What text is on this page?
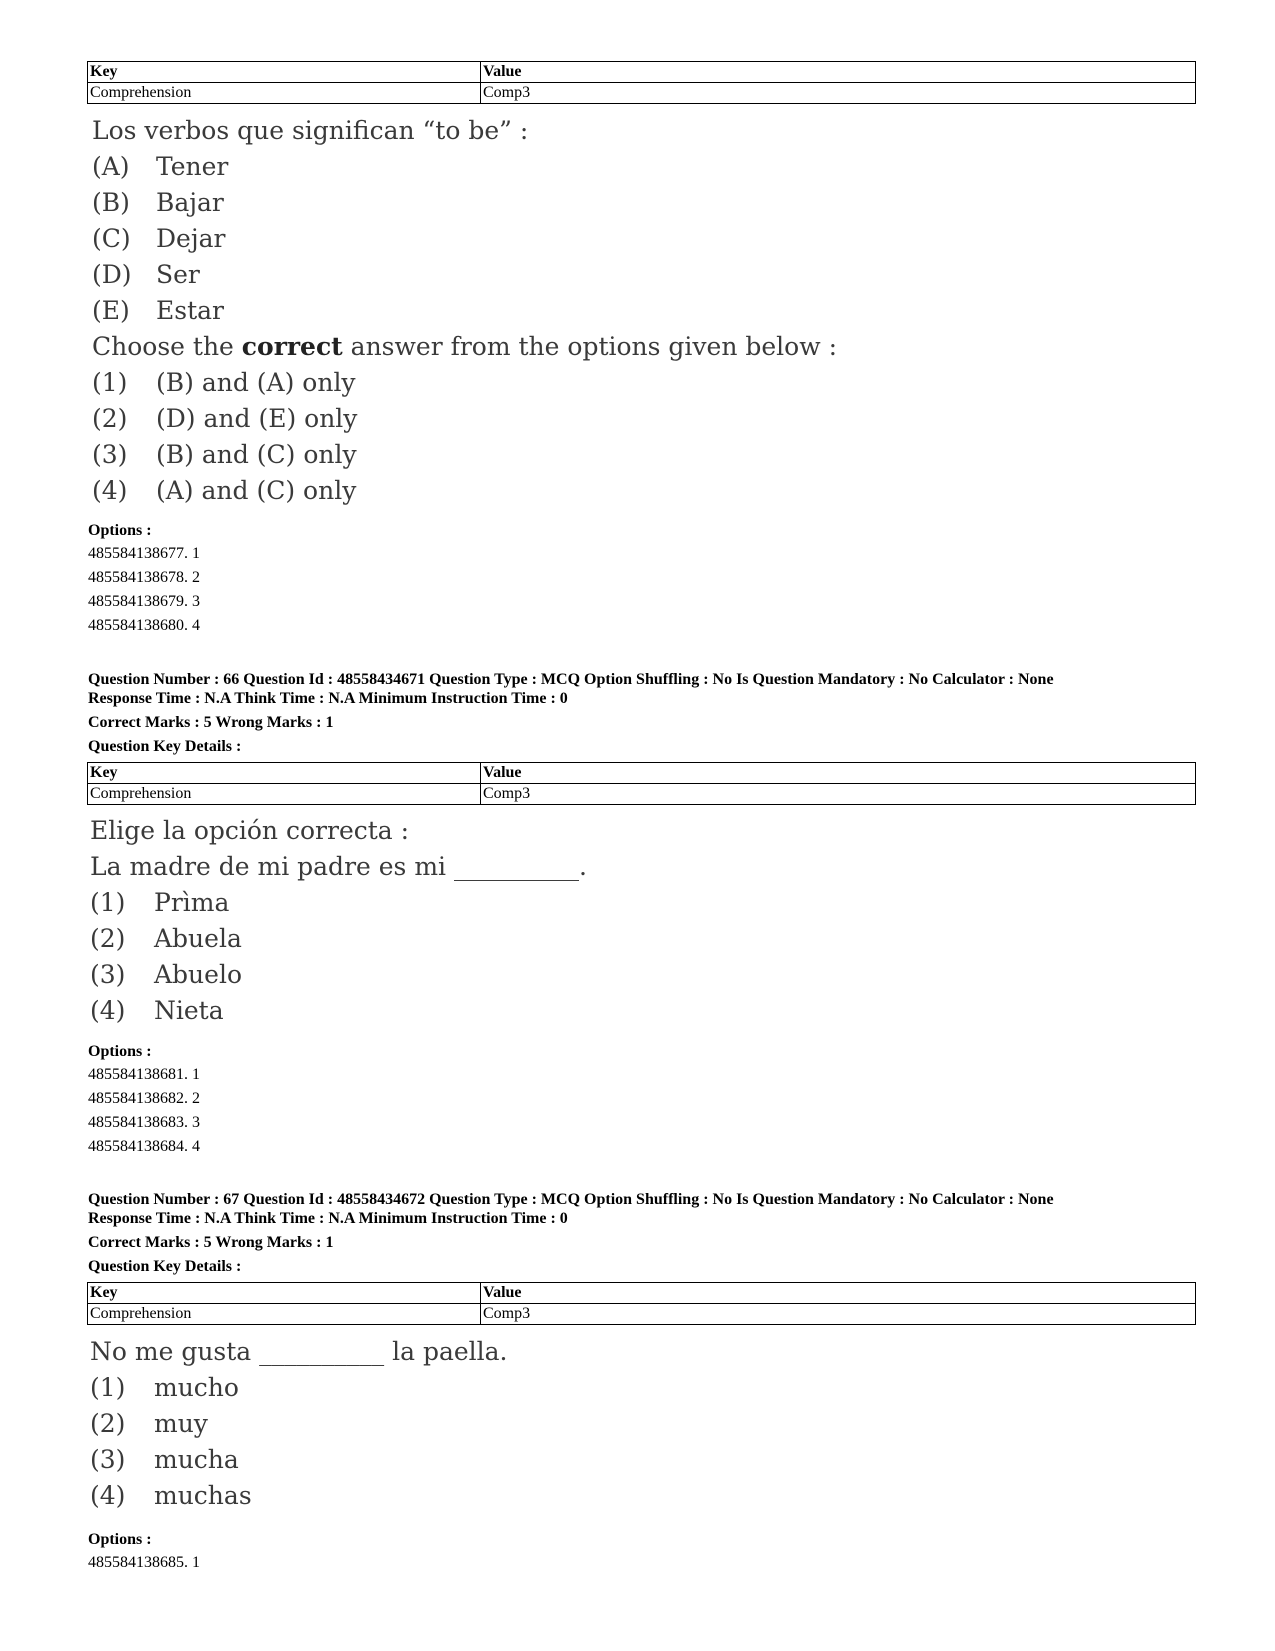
Key	Value
Comprehension	Comp3
Los verbos que significan “to be” :
(A)	Tener
(B)	Bajar
(C)	Dejar
(D) Ser
(E)	Estar
Choose the correct answer from the options given below :
(1)	(B) and (A) only
(2)	(D) and (E) only
(3)	(B) and (C) only
(4)	(A) and (C) only
Options :
485584138677. 1
485584138678. 2
485584138679. 3
485584138680. 4
Question Number : 66 Question Id : 48558434671 Question Type : MCQ Option Shuffling : No Is Question Mandatory : No Calculator : None
Response Time : N.A Think Time : N.A Minimum Instruction Time : 0
Correct Marks : 5 Wrong Marks : 1
Question Key Details :
Key	Value
Comprehension	Comp3
Elige la opción correcta :
La madre de mi padre es mi __________.
(1)	Prìma
(2)	Abuela
(3)	Abuelo
(4)	Nieta
Options :
485584138681. 1
485584138682. 2
485584138683. 3
485584138684. 4
Question Number : 67 Question Id : 48558434672 Question Type : MCQ Option Shuffling : No Is Question Mandatory : No Calculator : None
Response Time : N.A Think Time : N.A Minimum Instruction Time : 0
Correct Marks : 5 Wrong Marks : 1
Question Key Details :
Key	Value
Comprehension	Comp3
No me gusta __________ la paella.
(1)	mucho
(2)	muy
(3)	mucha
(4)	muchas
Options :
485584138685. 1
